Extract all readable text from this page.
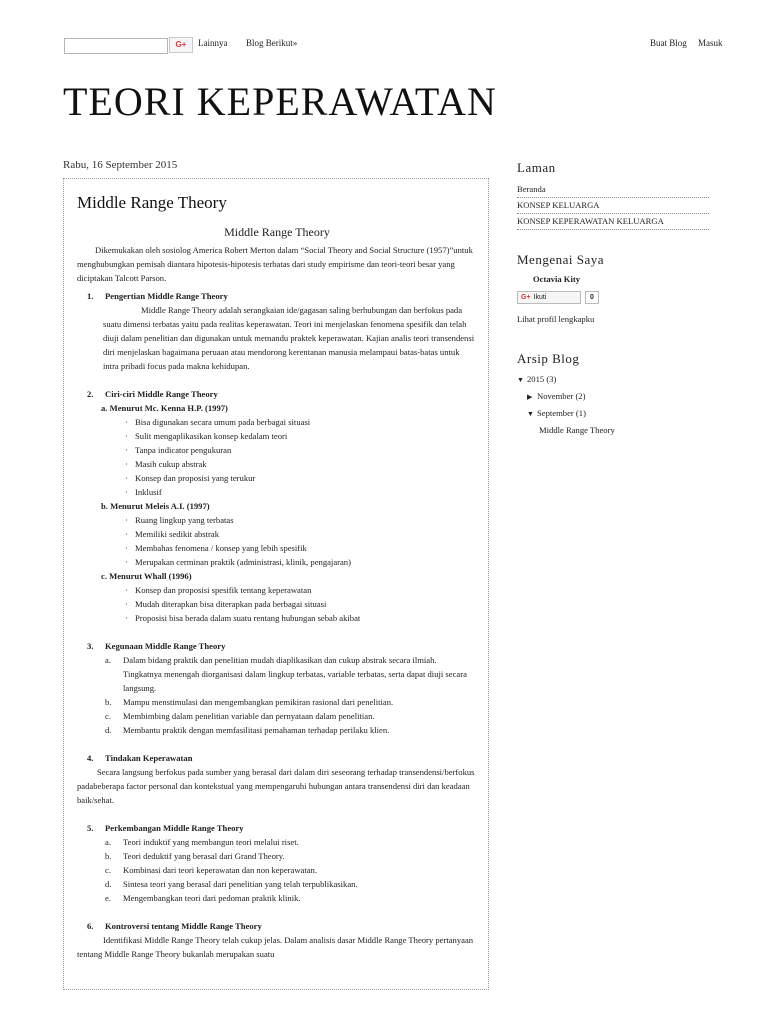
G+	Lainnya Blog Berikut»	Buat Blog Masuk
TEORI KEPERAWATAN
Rabu, 16 September 2015
Middle Range Theory
Middle Range Theory

Dikemukakan oleh sosiolog America Robert Merton dalam “Social Theory and Social Structure (1957)”untuk menghubungkan pemisah diantara hipotesis-hipotesis terbatas dari study empirisme dan teori-teori besar yang diciptakan Talcott Parson.

1. Pengertian Middle Range Theory

Middle Range Theory adalah serangkaian ide/gagasan saling berhubungan dan berfokus pada suatu dimensi terbatas yaitu pada realitas keperawatan. Teori ini menjelaskan fenomena spesifik dan telah diuji dalam penelitian dan digunakan untuk memandu praktek keperawatan. Kajian analis teori transendensi diri menjelaskan bagaimana peruaan atau mendorong kerentanan manusia melampaui batas-batas untuk intra pribadi focus pada makna kehidupan.

2. Ciri-ciri Middle Range Theory
a. Menurut Mc. Kenna H.P. (1997)
· Bisa digunakan secara umum pada berbagai situasi
· Sulit mengaplikasikan konsep kedalam teori
· Tanpa indicator pengukuran
· Masih cukup abstrak
· Konsep dan proposisi yang terukur
· Inklusif
b. Menurut Meleis A.I. (1997)
· Ruang lingkup yang terbatas
· Memiliki sedikit abstrak
· Membahas fenomena / konsep yang lebih spesifik
· Merupakan cerminan praktik (administrasi, klinik, pengajaran)
c. Menurut Whall (1996)
· Konsep dan proposisi spesifik tentang keperawatan
· Mudah diterapkan bisa diterapkan pada berbagai situasi
· Proposisi bisa berada dalam suatu rentang hubungan sebab akibat
3. Kegunaan Middle Range Theory
a. Dalam bidang praktik dan penelitian mudah diaplikasikan dan cukup abstrak secara ilmiah. Tingkatnya menengah diorganisasi dalam lingkup terbatas, variable terbatas, serta dapat diuji secara langsung.
b. Mampu menstimulasi dan mengembangkan pemikiran rasional dari penelitian.
c. Membimbing dalam penelitian variable dan pernyataan dalam penelitian.
d. Membantu praktik dengan memfasilitasi pemahaman terhadap perilaku klien.
4. Tindakan Keperawatan

Secara langsung berfokus pada sumber yang berasal dari dalam diri seseorang terhadap transendensi/berfokus padabeberapa factor personal dan kontekstual yang mempengaruhi hubungan antara transendensi diri dan keadaan baik/sehat.

5. Perkembangan Middle Range Theory
a. Teori induktif yang membangun teori melalui riset.
b. Teori deduktif yang berasal dari Grand Theory.
c. Kombinasi dari teori keperawatan dan non keperawatan.
d. Sintesa teori yang berasal dari penelitian yang telah terpublikasikan.
e. Mengembangkan teori dari pedoman praktik klinik.
6. Kontroversi tentang Middle Range Theory

Identifikasi Middle Range Theory telah cukup jelas. Dalam analisis dasar Middle Range Theory pertanyaan tentang Middle Range Theory bukanlah merupakan suatu

Laman
Beranda
KONSEP KELUARGA
KONSEP KEPERAWATAN KELUARGA
Mengenai Saya
Octavia Kity
G+ Ikuti	0
Lihat profil lengkapku
Arsip Blog
▼ 2015 (3)
▶ November (2)
▼ September (1)
Middle Range Theory
